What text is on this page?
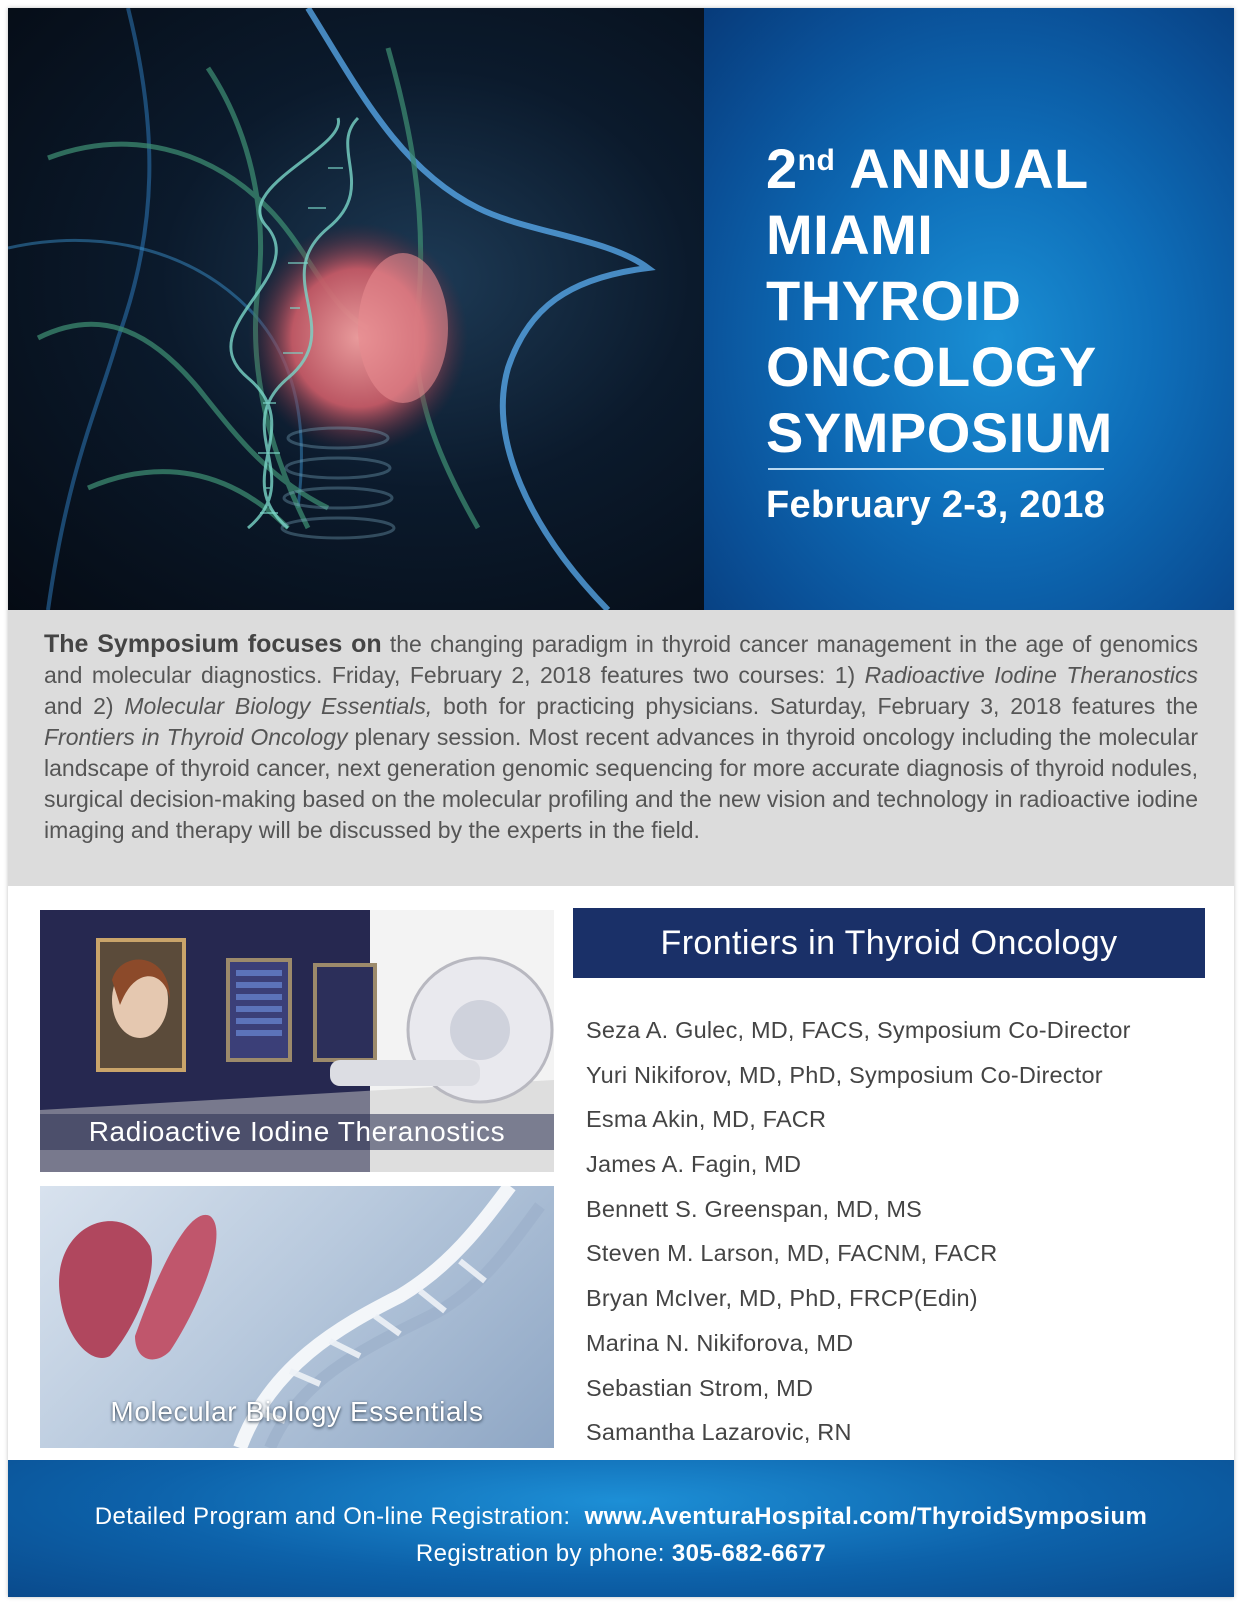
2nd ANNUAL
MIAMI
THYROID
ONCOLOGY
SYMPOSIUM
February 2-3, 2018

The Symposium focuses on the changing paradigm in thyroid cancer management in the age of genomics and molecular diagnostics. Friday, February 2, 2018 features two courses: 1) Radioactive Iodine Theranostics and 2) Molecular Biology Essentials, both for practicing physicians. Saturday, February 3, 2018 features the Frontiers in Thyroid Oncology plenary session. Most recent advances in thyroid oncology including the molecular landscape of thyroid cancer, next generation genomic sequencing for more accurate diagnosis of thyroid nodules, surgical decision-making based on the molecular profiling and the new vision and technology in radioactive iodine imaging and therapy will be discussed by the experts in the field.

Radioactive Iodine Theranostics
Molecular Biology Essentials
Frontiers in Thyroid Oncology
Seza A. Gulec, MD, FACS, Symposium Co-Director
Yuri Nikiforov, MD, PhD, Symposium Co-Director
Esma Akin, MD, FACR
James A. Fagin, MD
Bennett S. Greenspan, MD, MS
Steven M. Larson, MD, FACNM, FACR
Bryan McIver, MD, PhD, FRCP(Edin)
Marina N. Nikiforova, MD
Sebastian Strom, MD
Samantha Lazarovic, RN
Detailed Program and On-line Registration: www.AventuraHospital.com/ThyroidSymposium
Registration by phone: 305-682-6677
